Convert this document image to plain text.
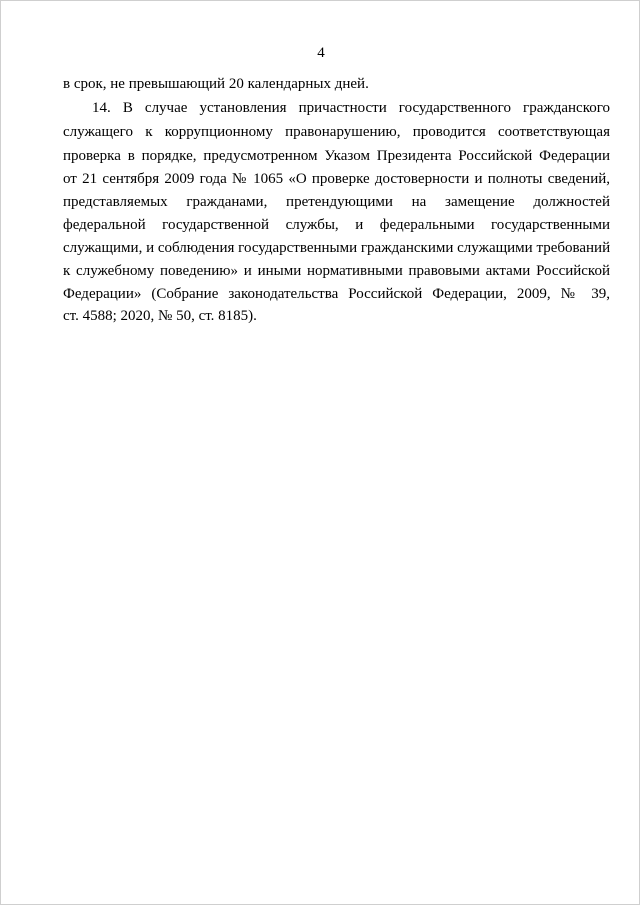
4
в срок, не превышающий 20 календарных дней.
14. В случае установления причастности государственного гражданского
служащего к коррупционному правонарушению, проводится соответствующая
проверка в порядке, предусмотренном Указом Президента Российской Федерации
от 21 сентября 2009 года № 1065 «О проверке достоверности и полноты сведений,
представляемых гражданами, претендующими на замещение должностей
федеральной государственной службы, и федеральными государственными
служащими, и соблюдения государственными гражданскими служащими требований
к служебному поведению» и иными нормативными правовыми актами Российской
Федерации» (Собрание законодательства Российской Федерации, 2009, № 39,
ст. 4588; 2020, № 50, ст. 8185).
